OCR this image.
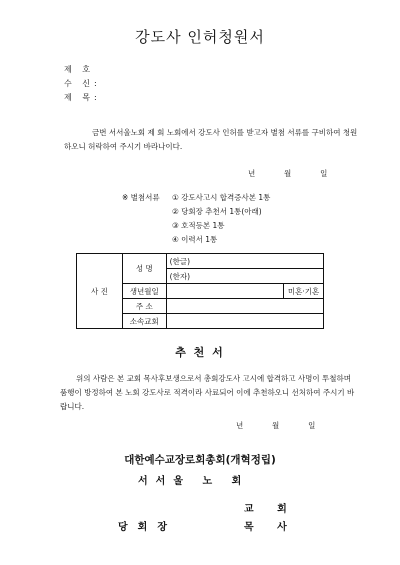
강도사 인허청원서
제 호
수 신:
제 목:
금번 서서울노회 제 회 노회에서 강도사 인허를 받고자 별첨 서류를 구비하여 청원하오니 허락하여 주시기 바라나이다.
년	월	일
※ 별첨서류 ① 강도사고시 합격증사본 1통
② 당회장 추천서 1통(아래)
③ 호적등본 1통
④ 이력서 1통
사 진	성 명	(한글)	
		(한자)	
	생년월일		미혼·기혼
	주 소		
	소속교회		
추 천 서
위의 사람은 본 교회 목사후보생으로서 총회강도사 고시에 합격하고 사명이 투철하며 품행이 방정하여 본 노회 강도사로 적격이라 사료되어 이에 추천하오니 선처하여 주시기 바랍니다.
년	월	일
대한예수교장로회총회(개혁정립)
서서울 노 회
교 회
당회장	목 사
